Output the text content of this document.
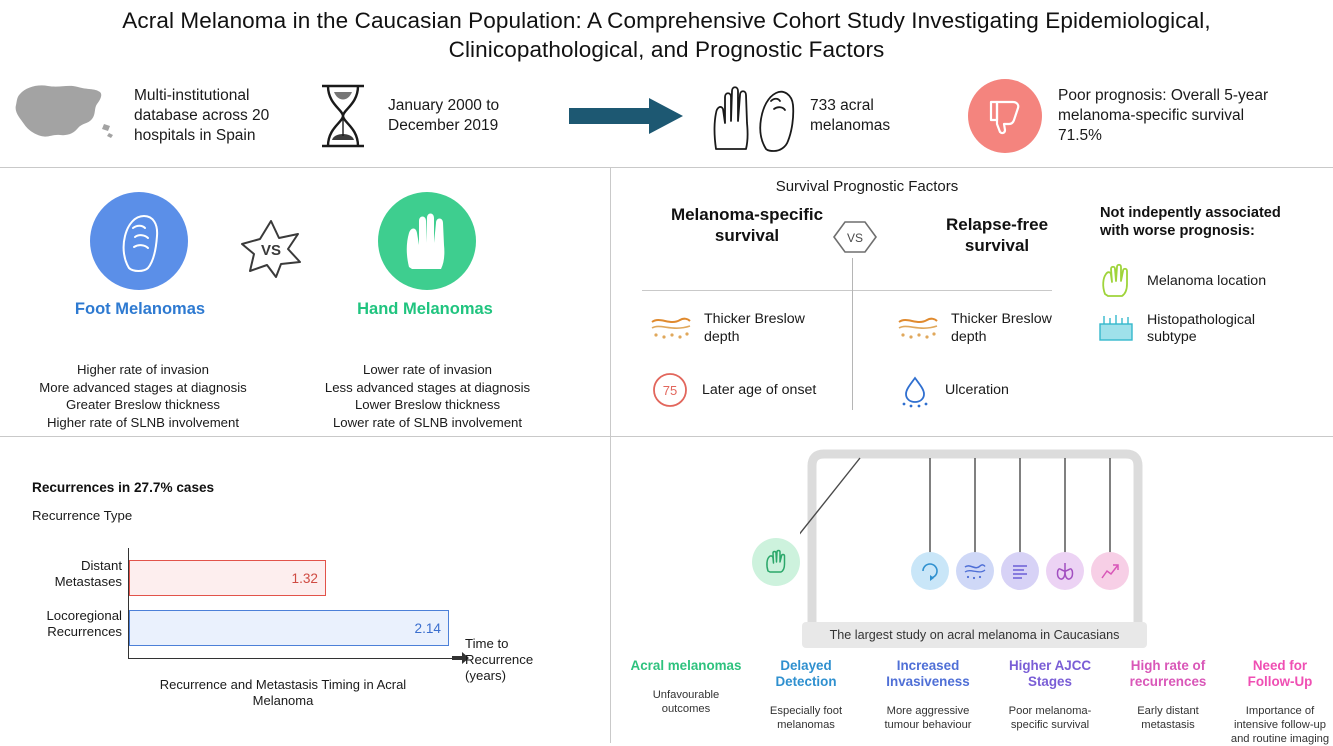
Acral Melanoma in the Caucasian Population: A Comprehensive Cohort Study Investigating Epidemiological, Clinicopathological, and Prognostic Factors
Multi-institutional database across 20 hospitals in Spain
January 2000 to December 2019
733 acral melanomas
Poor prognosis: Overall 5-year melanoma-specific survival 71.5%
VS
Foot Melanomas	Hand Melanomas
Higher rate of invasion
More advanced stages at diagnosis
Greater Breslow thickness
Higher rate of SLNB involvement
Lower rate of invasion
Less advanced stages at diagnosis
Lower Breslow thickness
Lower rate of SLNB involvement
Survival Prognostic Factors
Melanoma-specific survival
Relapse-free survival
VS
Thicker Breslow depth
75 Later age of onset
Thicker Breslow depth
Ulceration
Not indepently associated with worse prognosis:
Melanoma location
Histopathological subtype
Recurrences in 27.7% cases
Recurrence Type
Distant
Metastases	1.32
Locoregional
Recurrences	2.14
Time to
Recurrence
(years)
Recurrence and Metastasis Timing in Acral Melanoma
The largest study on acral melanoma in Caucasians
Acral melanomas
Unfavourable outcomes
Delayed Detection
Especially foot melanomas
Increased Invasiveness
More aggressive tumour behaviour
Higher AJCC Stages
Poor melanoma-specific survival
High rate of recurrences
Early distant metastasis
Need for Follow-Up
Importance of intensive follow-up and routine imaging
